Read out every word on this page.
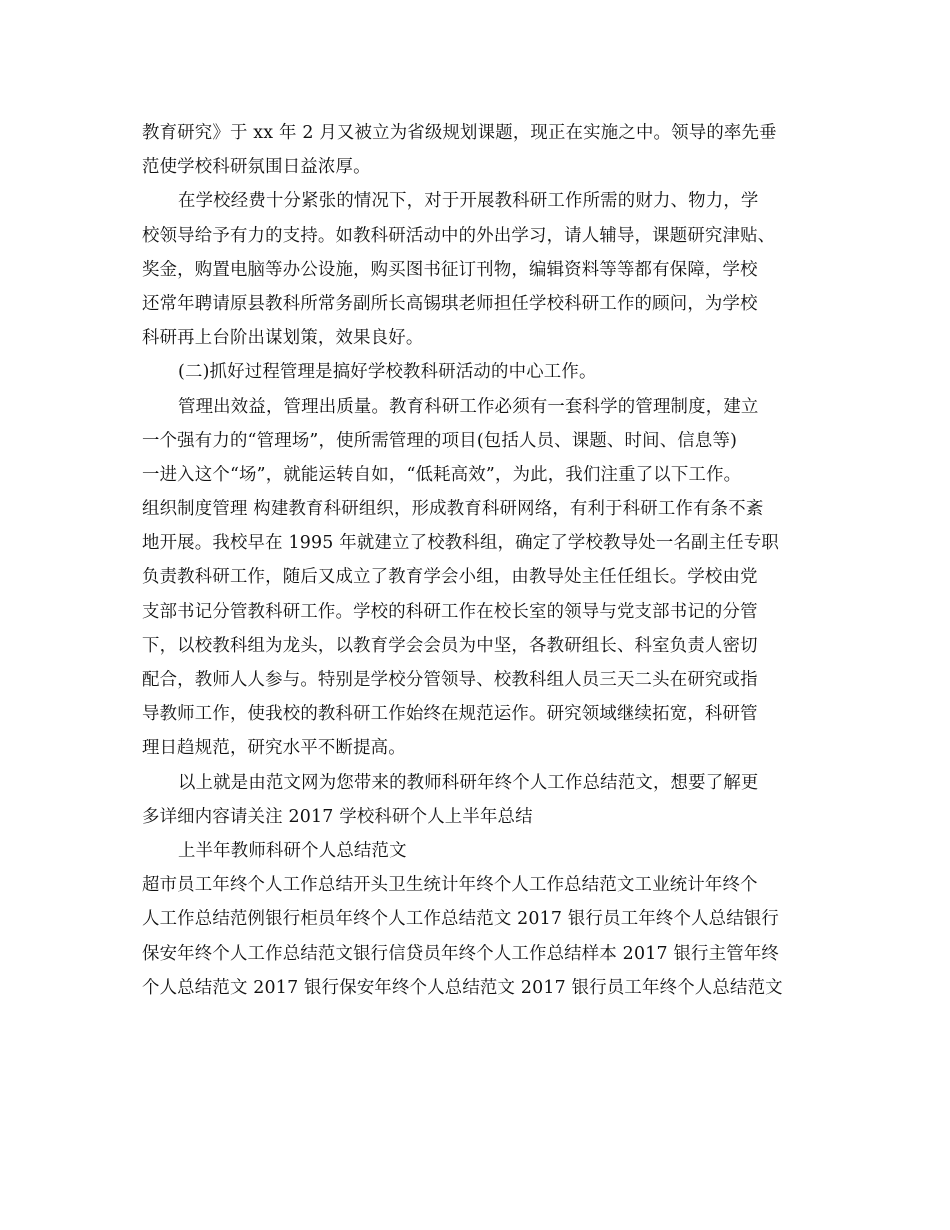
教育研究》于 xx 年 2 月又被立为省级规划课题，现正在实施之中。领导的率先垂
范使学校科研氛围日益浓厚。
在学校经费十分紧张的情况下，对于开展教科研工作所需的财力、物力，学
校领导给予有力的支持。如教科研活动中的外出学习，请人辅导，课题研究津贴、
奖金，购置电脑等办公设施，购买图书征订刊物，编辑资料等等都有保障，学校
还常年聘请原县教科所常务副所长高锡琪老师担任学校科研工作的顾问，为学校
科研再上台阶出谋划策，效果良好。
(二)抓好过程管理是搞好学校教科研活动的中心工作。
管理出效益，管理出质量。教育科研工作必须有一套科学的管理制度，建立
一个强有力的“管理场”，使所需管理的项目(包括人员、课题、时间、信息等)
一进入这个“场”，就能运转自如，“低耗高效”，为此，我们注重了以下工作。
组织制度管理 构建教育科研组织，形成教育科研网络，有利于科研工作有条不紊
地开展。我校早在 1995 年就建立了校教科组，确定了学校教导处一名副主任专职
负责教科研工作，随后又成立了教育学会小组，由教导处主任任组长。学校由党
支部书记分管教科研工作。学校的科研工作在校长室的领导与党支部书记的分管
下，以校教科组为龙头，以教育学会会员为中坚，各教研组长、科室负责人密切
配合，教师人人参与。特别是学校分管领导、校教科组人员三天二头在研究或指
导教师工作，使我校的教科研工作始终在规范运作。研究领域继续拓宽，科研管
理日趋规范，研究水平不断提高。
以上就是由范文网为您带来的教师科研年终个人工作总结范文，想要了解更
多详细内容请关注 2017 学校科研个人上半年总结
上半年教师科研个人总结范文
超市员工年终个人工作总结开头卫生统计年终个人工作总结范文工业统计年终个
人工作总结范例银行柜员年终个人工作总结范文 2017 银行员工年终个人总结银行
保安年终个人工作总结范文银行信贷员年终个人工作总结样本 2017 银行主管年终
个人总结范文 2017 银行保安年终个人总结范文 2017 银行员工年终个人总结范文
